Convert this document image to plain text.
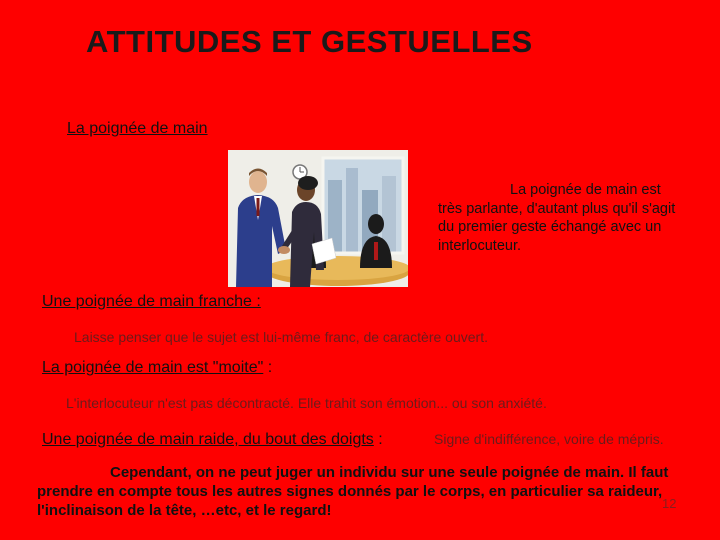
ATTITUDES ET GESTUELLES
La poignée de main
La poignée de main est très parlante, d'autant plus qu'il s'agit du premier geste échangé avec un interlocuteur.
Une poignée de main franche :
Laisse penser que le sujet est lui-même franc, de caractère ouvert.
La poignée de main est "moite" :
L'interlocuteur n'est pas décontracté. Elle trahit son émotion... ou son anxiété.
Une poignée de main raide, du bout des doigts :	Signe d'indifférence, voire de mépris.
Cependant, on ne peut juger un individu sur une seule poignée de main. Il faut prendre en compte tous les autres signes donnés par le corps, en particulier sa raideur, l'inclinaison de la tête, …etc, et le regard!	12
